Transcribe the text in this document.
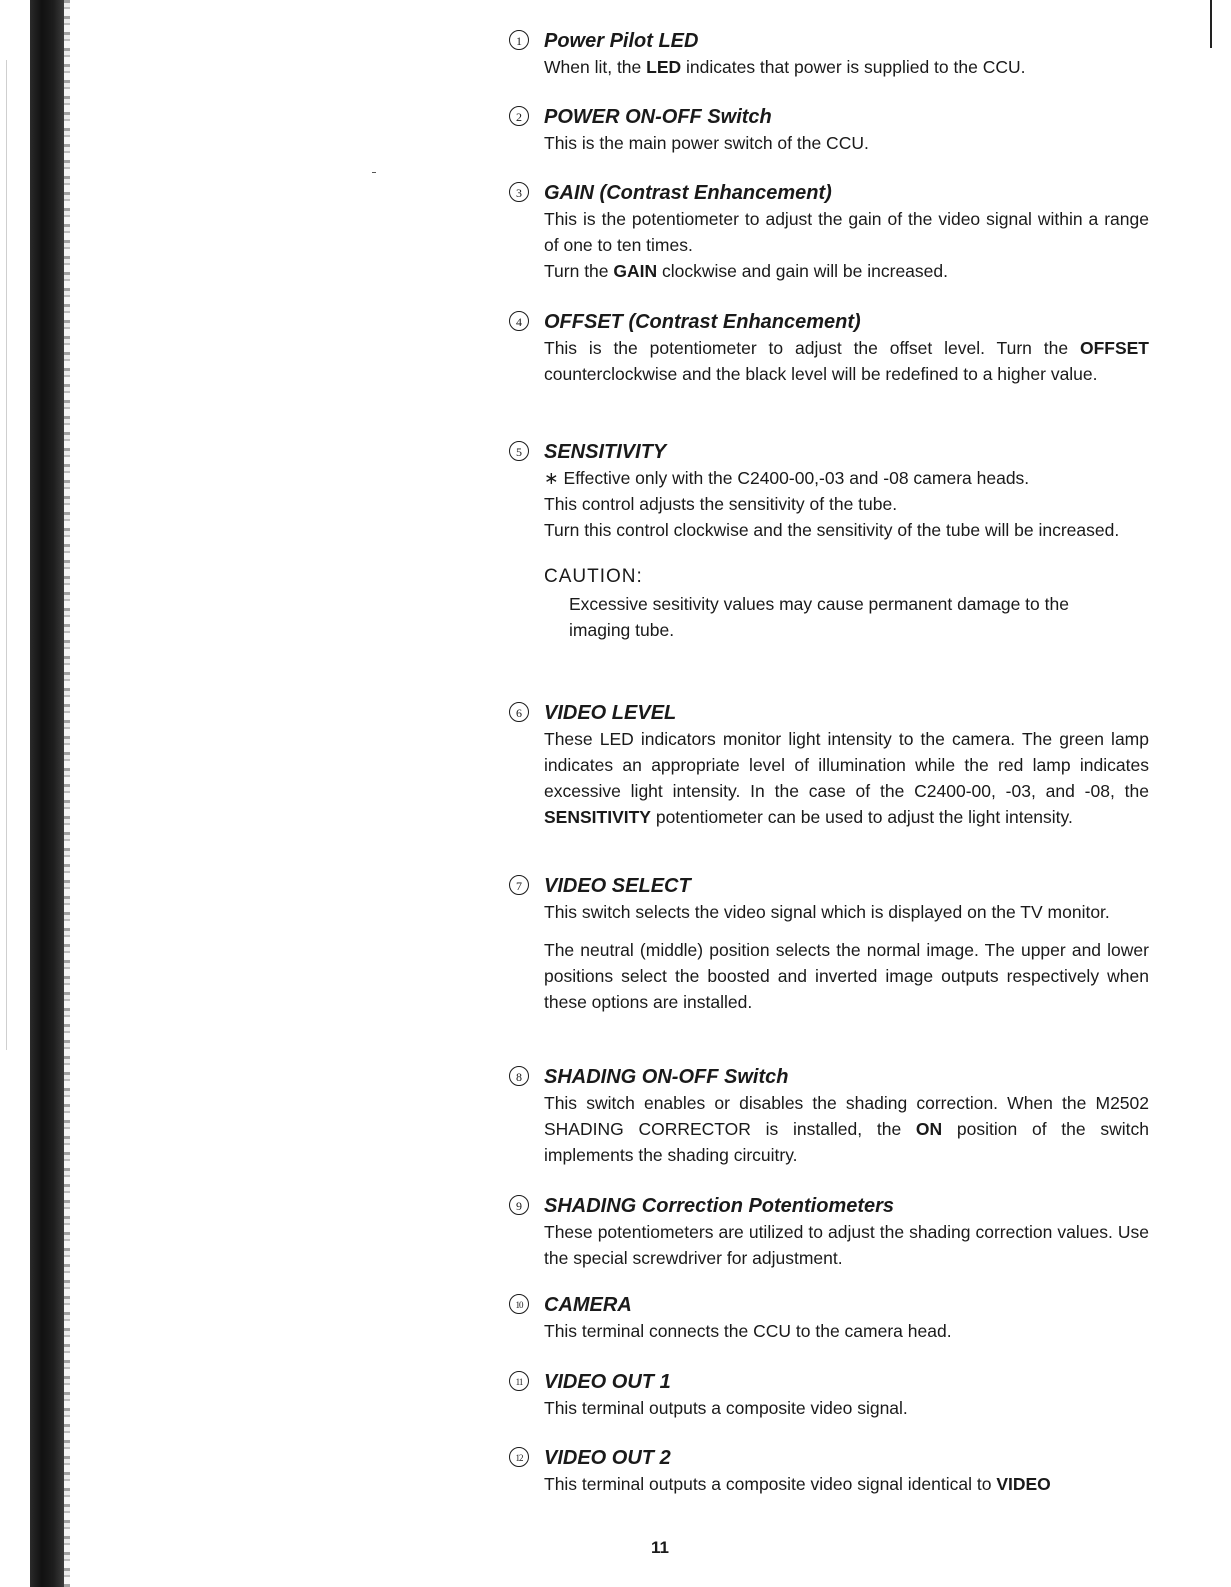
1	Power Pilot LED

When lit, the LED indicates that power is supplied to the CCU.

2	POWER ON-OFF Switch

This is the main power switch of the CCU.

3	GAIN (Contrast Enhancement)

This is the potentiometer to adjust the gain of the video signal within a range of one to ten times.

Turn the GAIN clockwise and gain will be increased.

4	OFFSET (Contrast Enhancement)

This is the potentiometer to adjust the offset level. Turn the OFFSET counterclockwise and the black level will be redefined to a higher value.

5	SENSITIVITY

∗ Effective only with the C2400-00,-03 and -08 camera heads.

This control adjusts the sensitivity of the tube.

Turn this control clockwise and the sensitivity of the tube will be increased.

CAUTION:
Excessive sesitivity values may cause permanent damage to the imaging tube.
6	VIDEO LEVEL

These LED indicators monitor light intensity to the camera. The green lamp indicates an appropriate level of illumination while the red lamp indicates excessive light intensity. In the case of the C2400-00, -03, and -08, the SENSITIVITY potentiometer can be used to adjust the light intensity.

7	VIDEO SELECT

This switch selects the video signal which is displayed on the TV monitor.

The neutral (middle) position selects the normal image. The upper and lower positions select the boosted and inverted image outputs respectively when these options are installed.

8	SHADING ON-OFF Switch

This switch enables or disables the shading correction. When the M2502 SHADING CORRECTOR is installed, the ON position of the switch implements the shading circuitry.

9	SHADING Correction Potentiometers

These potentiometers are utilized to adjust the shading correction values. Use the special screwdriver for adjustment.

10	CAMERA

This terminal connects the CCU to the camera head.

11	VIDEO OUT 1

This terminal outputs a composite video signal.

12	VIDEO OUT 2

This terminal outputs a composite video signal identical to VIDEO

11
